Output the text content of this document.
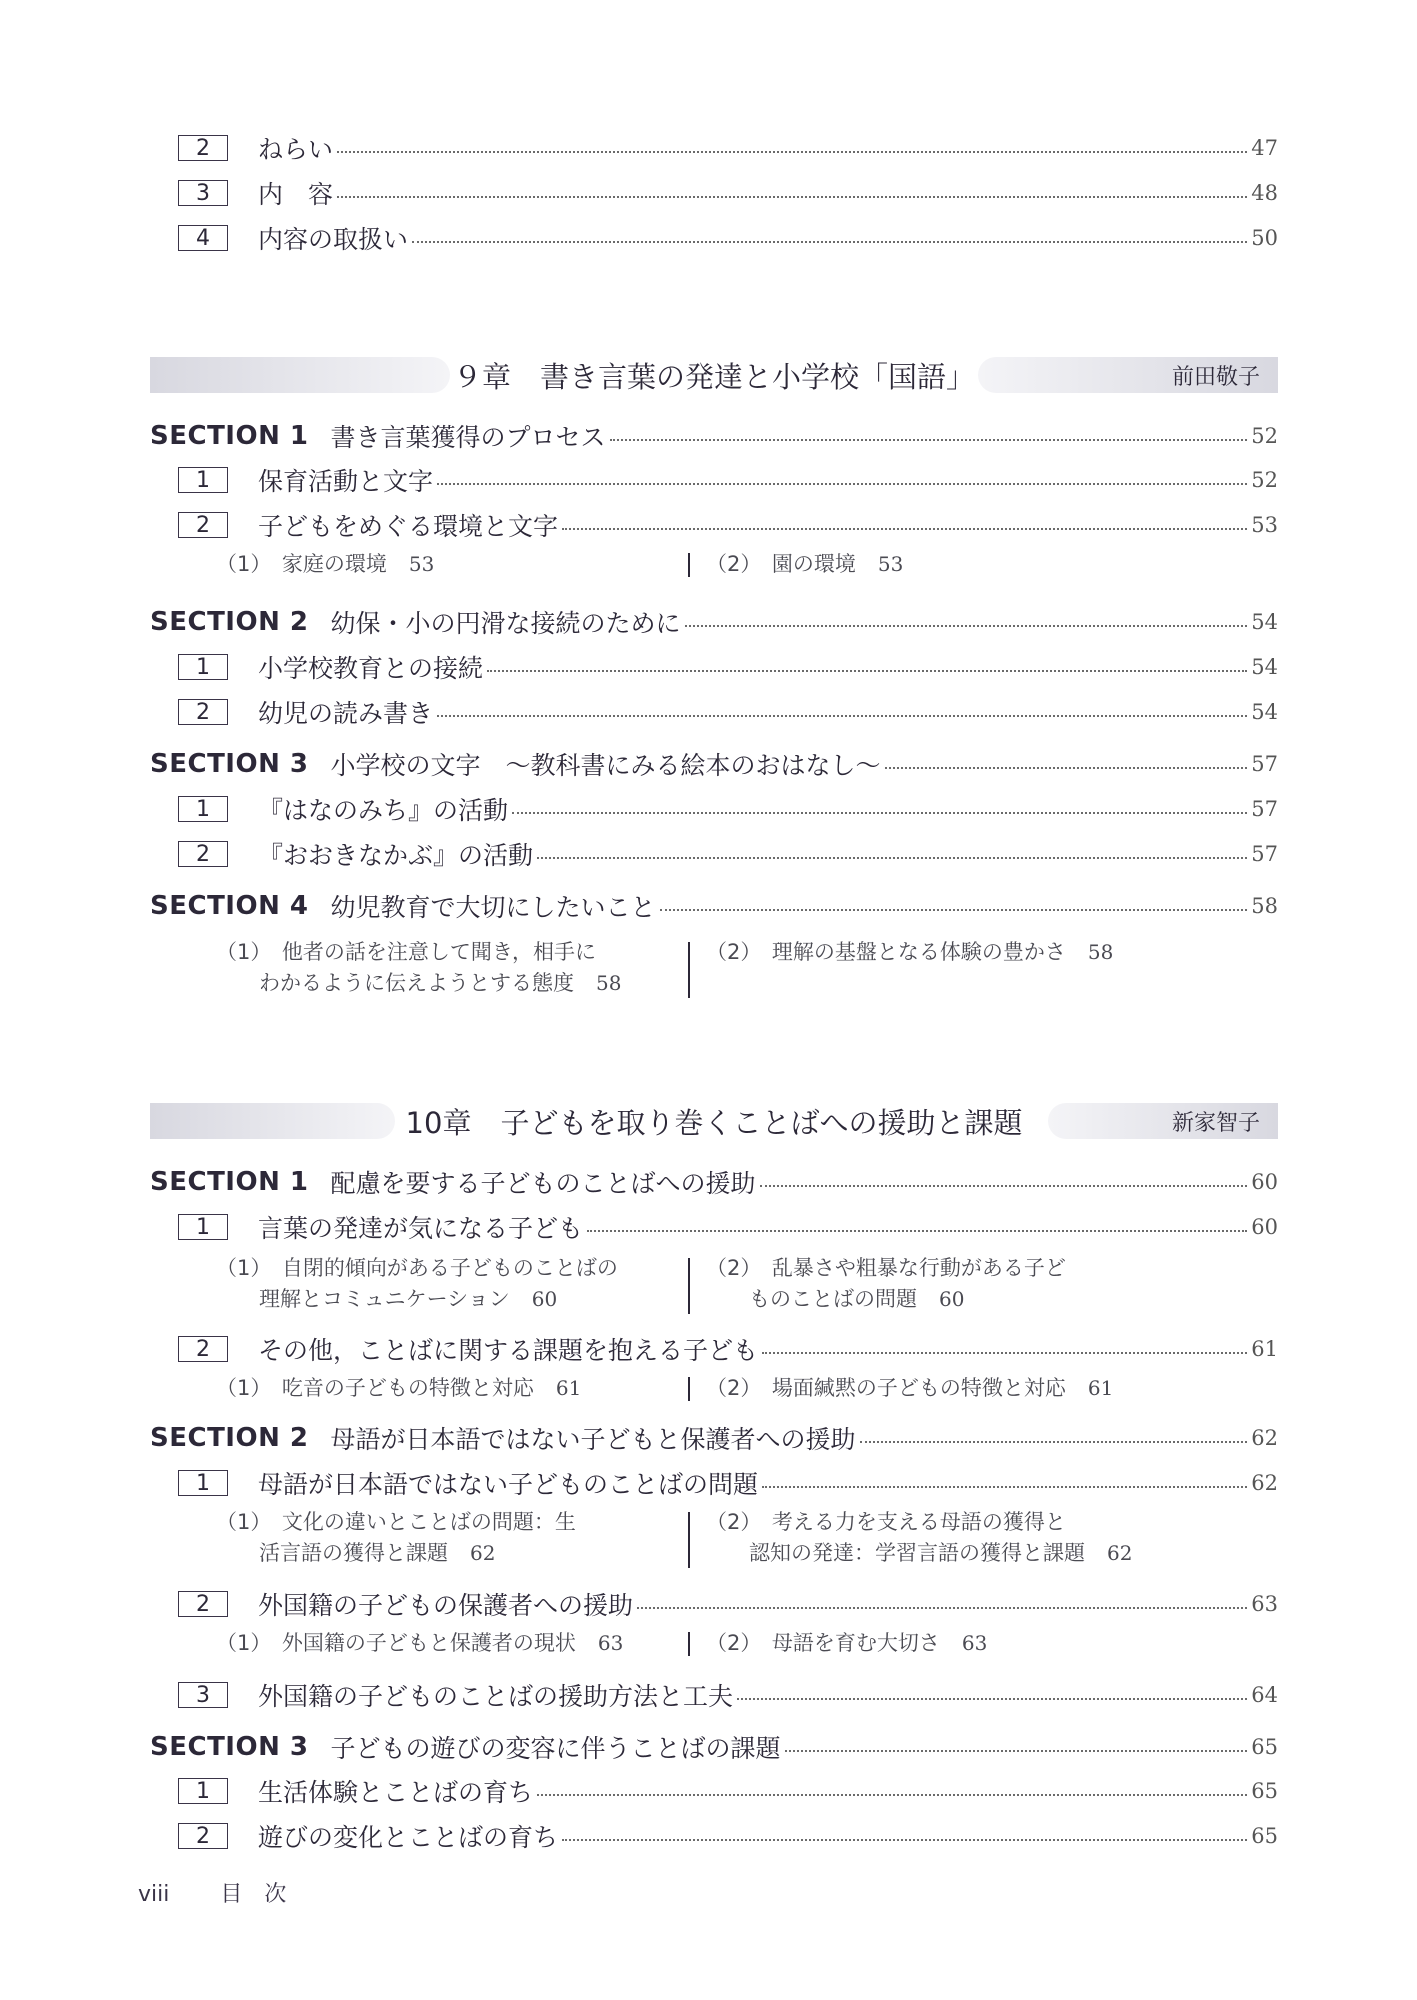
2	ねらい	47
3	内　容	48
4	内容の取扱い	50
９章　書き言葉の発達と小学校「国語」	前田敬子
SECTION 1 書き言葉獲得のプロセス	52
1	保育活動と文字	52
2	子どもをめぐる環境と文字	53
（1）　家庭の環境 53	（2）　園の環境 53
SECTION 2 幼保・小の円滑な接続のために	54
1	小学校教育との接続	54
2	幼児の読み書き	54
SECTION 3 小学校の文字　～教科書にみる絵本のおはなし～	57
1	『はなのみち』の活動	57
2	『おおきなかぶ』の活動	57
SECTION 4 幼児教育で大切にしたいこと	58
（1）　他者の話を注意して聞き，相手に
わかるように伝えようとする態度 58
（2）　理解の基盤となる体験の豊かさ 58
10章　子どもを取り巻くことばへの援助と課題	新家智子
SECTION 1 配慮を要する子どものことばへの援助	60
1	言葉の発達が気になる子ども	60
（1）　自閉的傾向がある子どものことばの
理解とコミュニケーション 60
（2）　乱暴さや粗暴な行動がある子ど
ものことばの問題 60
2	その他，ことばに関する課題を抱える子ども	61
（1）　吃音の子どもの特徴と対応 61	（2）　場面緘黙の子どもの特徴と対応 61
SECTION 2 母語が日本語ではない子どもと保護者への援助	62
1	母語が日本語ではない子どものことばの問題	62
（1）　文化の違いとことばの問題：生
活言語の獲得と課題 62
（2）　考える力を支える母語の獲得と
認知の発達：学習言語の獲得と課題 62
2	外国籍の子どもの保護者への援助	63
（1）　外国籍の子どもと保護者の現状 63	（2）　母語を育む大切さ 63
3	外国籍の子どものことばの援助方法と工夫	64
SECTION 3 子どもの遊びの変容に伴うことばの課題	65
1	生活体験とことばの育ち	65
2	遊びの変化とことばの育ち	65
viii 目　次
